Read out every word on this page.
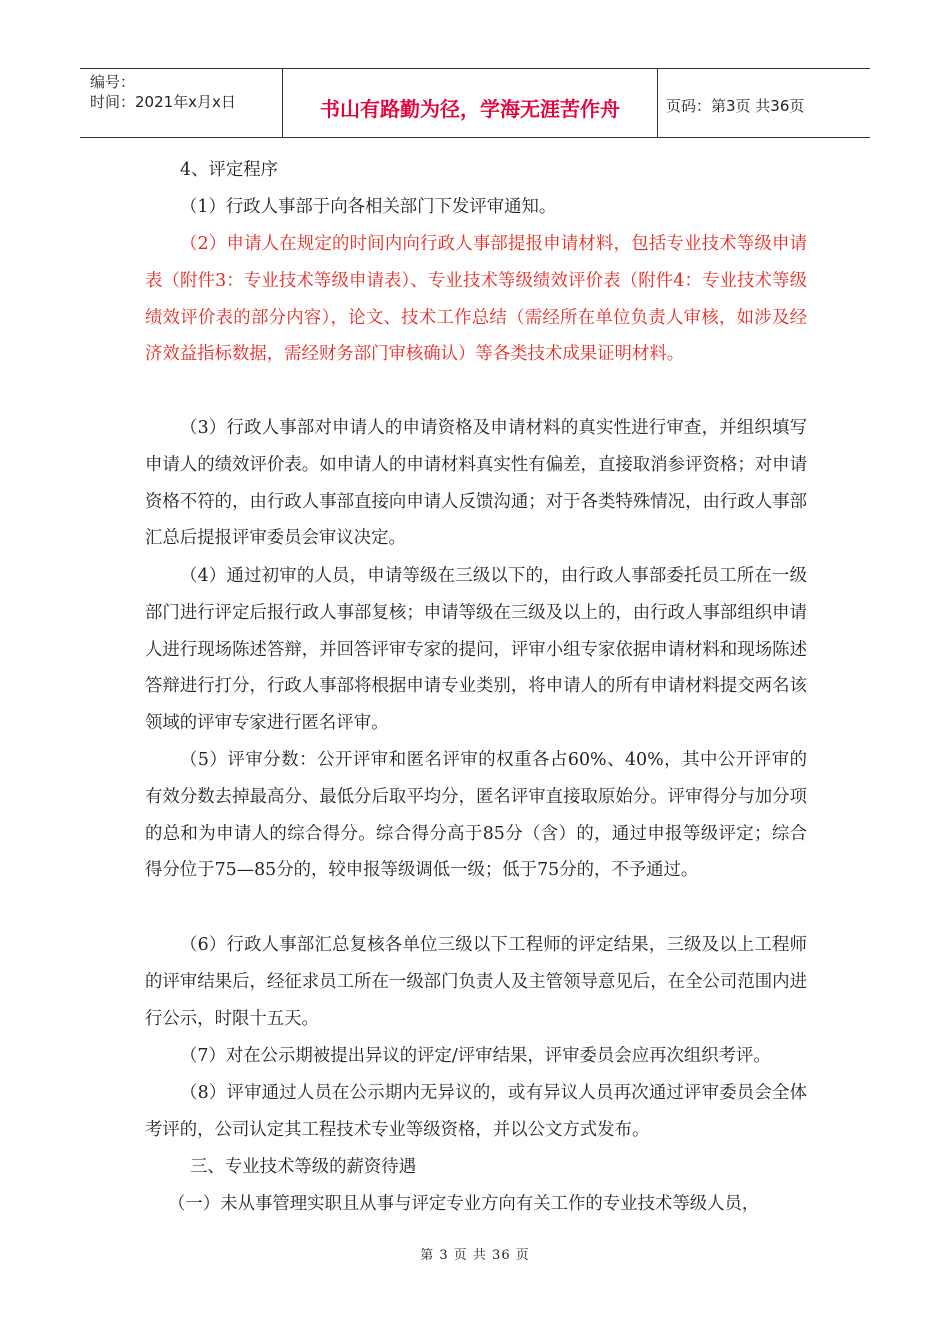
编号：
时间：2021年x月x日	书山有路勤为径，学海无涯苦作舟	页码：第3页 共36页

4、评定程序

（1）行政人事部于向各相关部门下发评审通知。

（2）申请人在规定的时间内向行政人事部提报申请材料，包括专业技术等级申请表（附件3：专业技术等级申请表）、专业技术等级绩效评价表（附件4：专业技术等级绩效评价表的部分内容），论文、技术工作总结（需经所在单位负责人审核，如涉及经济效益指标数据，需经财务部门审核确认）等各类技术成果证明材料。

（3）行政人事部对申请人的申请资格及申请材料的真实性进行审查，并组织填写申请人的绩效评价表。如申请人的申请材料真实性有偏差，直接取消参评资格；对申请资格不符的，由行政人事部直接向申请人反馈沟通；对于各类特殊情况，由行政人事部汇总后提报评审委员会审议决定。

（4）通过初审的人员，申请等级在三级以下的，由行政人事部委托员工所在一级部门进行评定后报行政人事部复核；申请等级在三级及以上的，由行政人事部组织申请人进行现场陈述答辩，并回答评审专家的提问，评审小组专家依据申请材料和现场陈述答辩进行打分，行政人事部将根据申请专业类别，将申请人的所有申请材料提交两名该领域的评审专家进行匿名评审。

（5）评审分数：公开评审和匿名评审的权重各占60%、40%，其中公开评审的有效分数去掉最高分、最低分后取平均分，匿名评审直接取原始分。评审得分与加分项的总和为申请人的综合得分。综合得分高于85分（含）的，通过申报等级评定；综合得分位于75—85分的，较申报等级调低一级；低于75分的，不予通过。

（6）行政人事部汇总复核各单位三级以下工程师的评定结果，三级及以上工程师的评审结果后，经征求员工所在一级部门负责人及主管领导意见后，在全公司范围内进行公示，时限十五天。

（7）对在公示期被提出异议的评定/评审结果，评审委员会应再次组织考评。

（8）评审通过人员在公示期内无异议的，或有异议人员再次通过评审委员会全体考评的，公司认定其工程技术专业等级资格，并以公文方式发布。

三、专业技术等级的薪资待遇

（一）未从事管理实职且从事与评定专业方向有关工作的专业技术等级人员，

第 3 页 共 36 页
